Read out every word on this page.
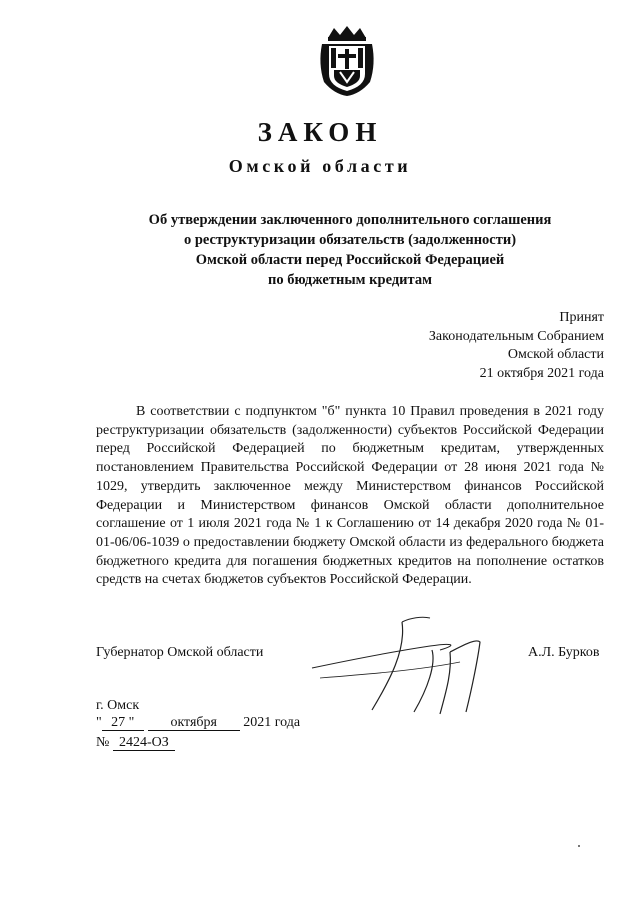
ЗАКОН
Омской области
Об утверждении заключенного дополнительного соглашения
о реструктуризации обязательств (задолженности)
Омской области перед Российской Федерацией
по бюджетным кредитам
Принят
Законодательным Собранием
Омской области
21 октября 2021 года

В соответствии с подпунктом "б" пункта 10 Правил проведения в 2021 году реструктуризации обязательств (задолженности) субъектов Российской Федерации перед Российской Федерацией по бюджетным кредитам, утвержденных постановлением Правительства Российской Федерации от 28 июня 2021 года № 1029, утвердить заключенное между Министерством финансов Российской Федерации и Министерством финансов Омской области дополнительное соглашение от 1 июля 2021 года № 1 к Соглашению от 14 декабря 2020 года № 01-01-06/06-1039 о предоставлении бюджету Омской области из федерального бюджета бюджетного кредита для погашения бюджетных кредитов на пополнение остатков средств на счетах бюджетов субъектов Российской Федерации.

Губернатор Омской области	А.Л. Бурков
г. Омск
" 27 "	октября 2021 года
№ 2424-ОЗ
